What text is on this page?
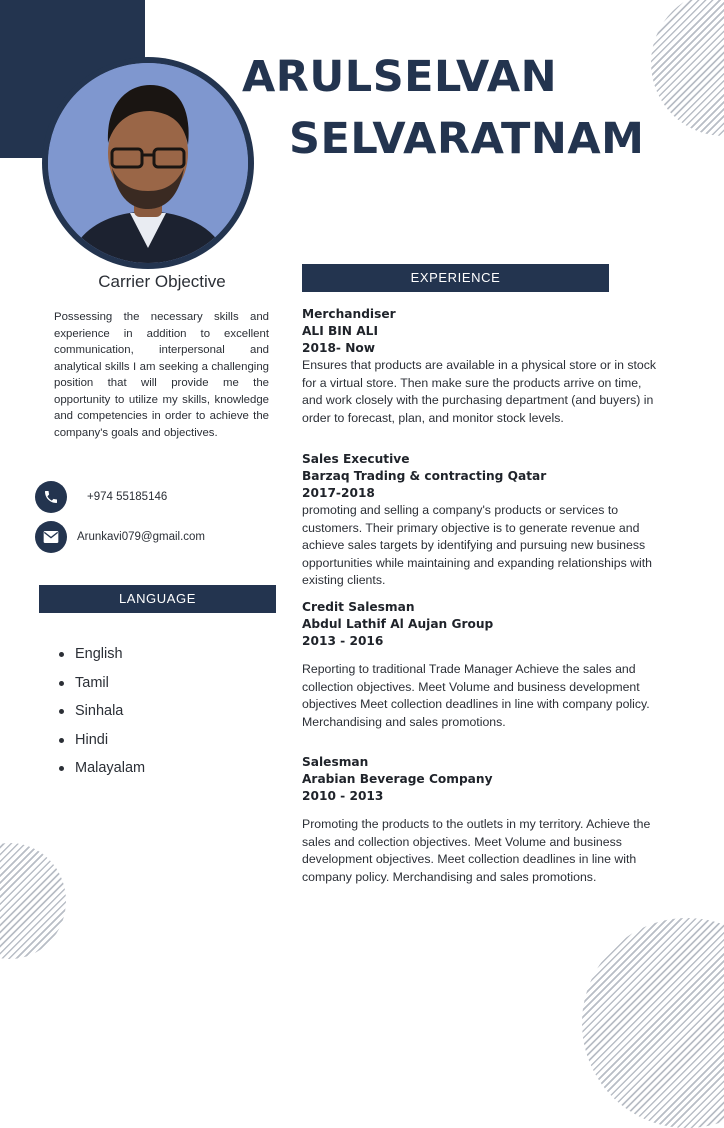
ARULSELVAN
SELVARATNAM
Carrier Objective
Possessing the necessary skills and experience in addition to excellent communication, interpersonal and analytical skills I am seeking a challenging position that will provide me the opportunity to utilize my skills, knowledge and competencies in order to achieve the company's goals and objectives.
+974 55185146
Arunkavi079@gmail.com
LANGUAGE
English
Tamil
Sinhala
Hindi
Malayalam
EXPERIENCE
Merchandiser
ALI BIN ALI
2018- Now

Ensures that products are available in a physical store or in stock for a virtual store. Then make sure the products arrive on time, and work closely with the purchasing department (and buyers) in order to forecast, plan, and monitor stock levels.

Sales Executive
Barzaq Trading & contracting Qatar
2017-2018

promoting and selling a company's products or services to customers. Their primary objective is to generate revenue and achieve sales targets by identifying and pursuing new business opportunities while maintaining and expanding relationships with existing clients.

Credit Salesman
Abdul Lathif Al Aujan Group
2013 - 2016

Reporting to traditional Trade Manager Achieve the sales and collection objectives. Meet Volume and business development objectives Meet collection deadlines in line with company policy. Merchandising and sales promotions.

Salesman
Arabian Beverage Company
2010 - 2013

Promoting the products to the outlets in my territory. Achieve the sales and collection objectives. Meet Volume and business development objectives. Meet collection deadlines in line with company policy. Merchandising and sales promotions.
